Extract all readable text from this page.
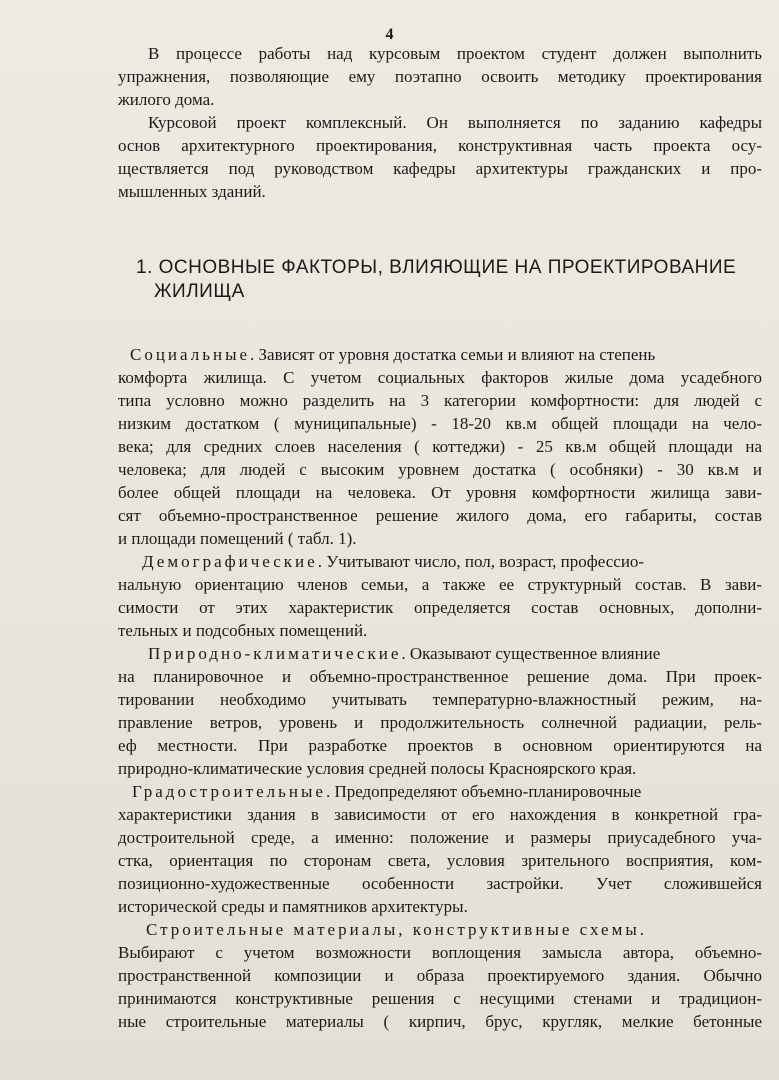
4
В процессе работы над курсовым проектом студент должен выполнить
упражнения, позволяющие ему поэтапно освоить методику проектирования
жилого дома.
Курсовой проект комплексный. Он выполняется по заданию кафедры
основ архитектурного проектирования, конструктивная часть проекта осу-
ществляется под руководством кафедры архитектуры гражданских и про-
мышленных зданий.
1. ОСНОВНЫЕ ФАКТОРЫ, ВЛИЯЮЩИЕ НА ПРОЕКТИРОВАНИЕ
ЖИЛИЩА
Социальные. Зависят от уровня достатка семьи и влияют на степень
комфорта жилища. С учетом социальных факторов жилые дома усадебного
типа условно можно разделить на 3 категории комфортности: для людей с
низким достатком ( муниципальные) - 18-20 кв.м общей площади на чело-
века; для средних слоев населения ( коттеджи) - 25 кв.м общей площади на
человека; для людей с высоким уровнем достатка ( особняки) - 30 кв.м и
более общей площади на человека. От уровня комфортности жилища зави-
сят объемно-пространственное решение жилого дома, его габариты, состав
и площади помещений ( табл. 1).
Демографические. Учитывают число, пол, возраст, профессио-
нальную ориентацию членов семьи, а также ее структурный состав. В зави-
симости от этих характеристик определяется состав основных, дополни-
тельных и подсобных помещений.
Природно-климатические. Оказывают существенное влияние
на планировочное и объемно-пространственное решение дома. При проек-
тировании необходимо учитывать температурно-влажностный режим, на-
правление ветров, уровень и продолжительность солнечной радиации, рель-
еф местности. При разработке проектов в основном ориентируются на
природно-климатические условия средней полосы Красноярского края.
Градостроительные. Предопределяют объемно-планировочные
характеристики здания в зависимости от его нахождения в конкретной гра-
достроительной среде, а именно: положение и размеры приусадебного уча-
стка, ориентация по сторонам света, условия зрительного восприятия, ком-
позиционно-художественные особенности застройки. Учет сложившейся
исторической среды и памятников архитектуры.
Строительные материалы, конструктивные схемы.
Выбирают с учетом возможности воплощения замысла автора, объемно-
пространственной композиции и образа проектируемого здания. Обычно
принимаются конструктивные решения с несущими стенами и традицион-
ные строительные материалы ( кирпич, брус, кругляк, мелкие бетонные
